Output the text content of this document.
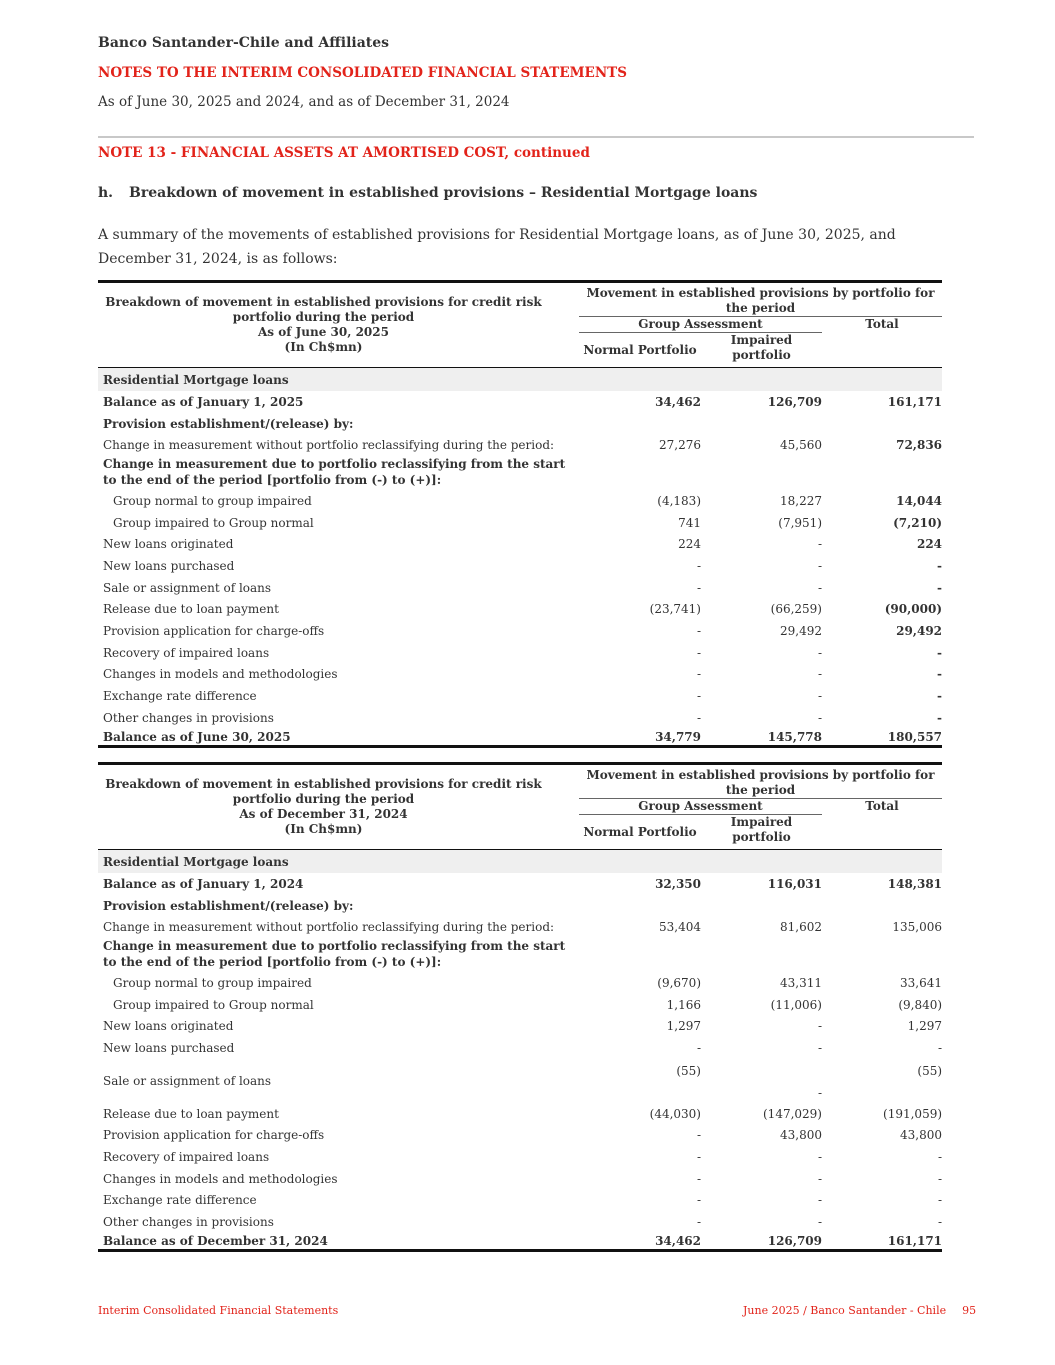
Banco Santander-Chile and Affiliates
NOTES TO THE INTERIM CONSOLIDATED FINANCIAL STATEMENTS
As of June 30, 2025 and 2024, and as of December 31, 2024
NOTE 13 - FINANCIAL ASSETS AT AMORTISED COST, continued
h. Breakdown of movement in established provisions – Residential Mortgage loans
A summary of the movements of established provisions for Residential Mortgage loans, as of June 30, 2025, and December 31, 2024, is as follows:
Breakdown of movement in established provisions for credit risk
portfolio during the period
As of June 30, 2025
(In Ch$mn)	Movement in established provisions by portfolio for the period		

	Group Assessment		Total
	Normal Portfolio	Impaired portfolio	
Residential Mortgage loans			
Balance as of January 1, 2025	34,462	126,709	161,171
Provision establishment/(release) by:			
Change in measurement without portfolio reclassifying during the period:	27,276	45,560	72,836
Change in measurement due to portfolio reclassifying from the start to the end of the period [portfolio from (-) to (+)]:			
Group normal to group impaired	(4,183)	18,227	14,044
Group impaired to Group normal	741	(7,951)	(7,210)
New loans originated	224	-	224
New loans purchased	-	-	-
Sale or assignment of loans	-	-	-
Release due to loan payment	(23,741)	(66,259)	(90,000)
Provision application for charge-offs	-	29,492	29,492
Recovery of impaired loans	-	-	-
Changes in models and methodologies	-	-	-
Exchange rate difference	-	-	-
Other changes in provisions	-	-	-
Balance as of June 30, 2025	34,779	145,778	180,557
Breakdown of movement in established provisions for credit risk
portfolio during the period
As of December 31, 2024
(In Ch$mn)	Movement in established provisions by portfolio for the period		

	Group Assessment		Total
	Normal Portfolio	Impaired portfolio	
Residential Mortgage loans			
Balance as of January 1, 2024	32,350	116,031	148,381
Provision establishment/(release) by:			
Change in measurement without portfolio reclassifying during the period:	53,404	81,602	135,006
Change in measurement due to portfolio reclassifying from the start to the end of the period [portfolio from (-) to (+)]:			
Group normal to group impaired	(9,670)	43,311	33,641
Group impaired to Group normal	1,166	(11,006)	(9,840)
New loans originated	1,297	-	1,297
New loans purchased	-	-	-
Sale or assignment of loans	(55)	-	(55)
Release due to loan payment	(44,030)	(147,029)	(191,059)
Provision application for charge-offs	-	43,800	43,800
Recovery of impaired loans	-	-	-
Changes in models and methodologies	-	-	-
Exchange rate difference	-	-	-
Other changes in provisions	-	-	-
Balance as of December 31, 2024	34,462	126,709	161,171
Interim Consolidated Financial Statements	June 2025 / Banco Santander - Chile 95
